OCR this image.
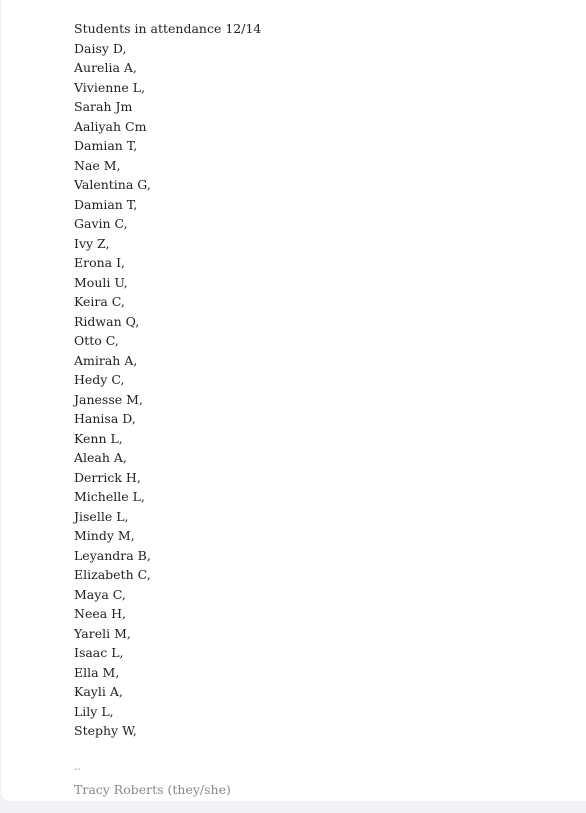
Students in attendance 12/14
Daisy D,
Aurelia A,
Vivienne L,
Sarah Jm
Aaliyah Cm
Damian T,
Nae M,
Valentina G,
Damian T,
Gavin C,
Ivy Z,
Erona I,
Mouli U,
Keira C,
Ridwan Q,
Otto C,
Amirah A,
Hedy C,
Janesse M,
Hanisa D,
Kenn L,
Aleah A,
Derrick H,
Michelle L,
Jiselle L,
Mindy M,
Leyandra B,
Elizabeth C,
Maya C,
Neea H,
Yareli M,
Isaac L,
Ella M,
Kayli A,
Lily L,
Stephy W,
--
Tracy Roberts (they/she)
